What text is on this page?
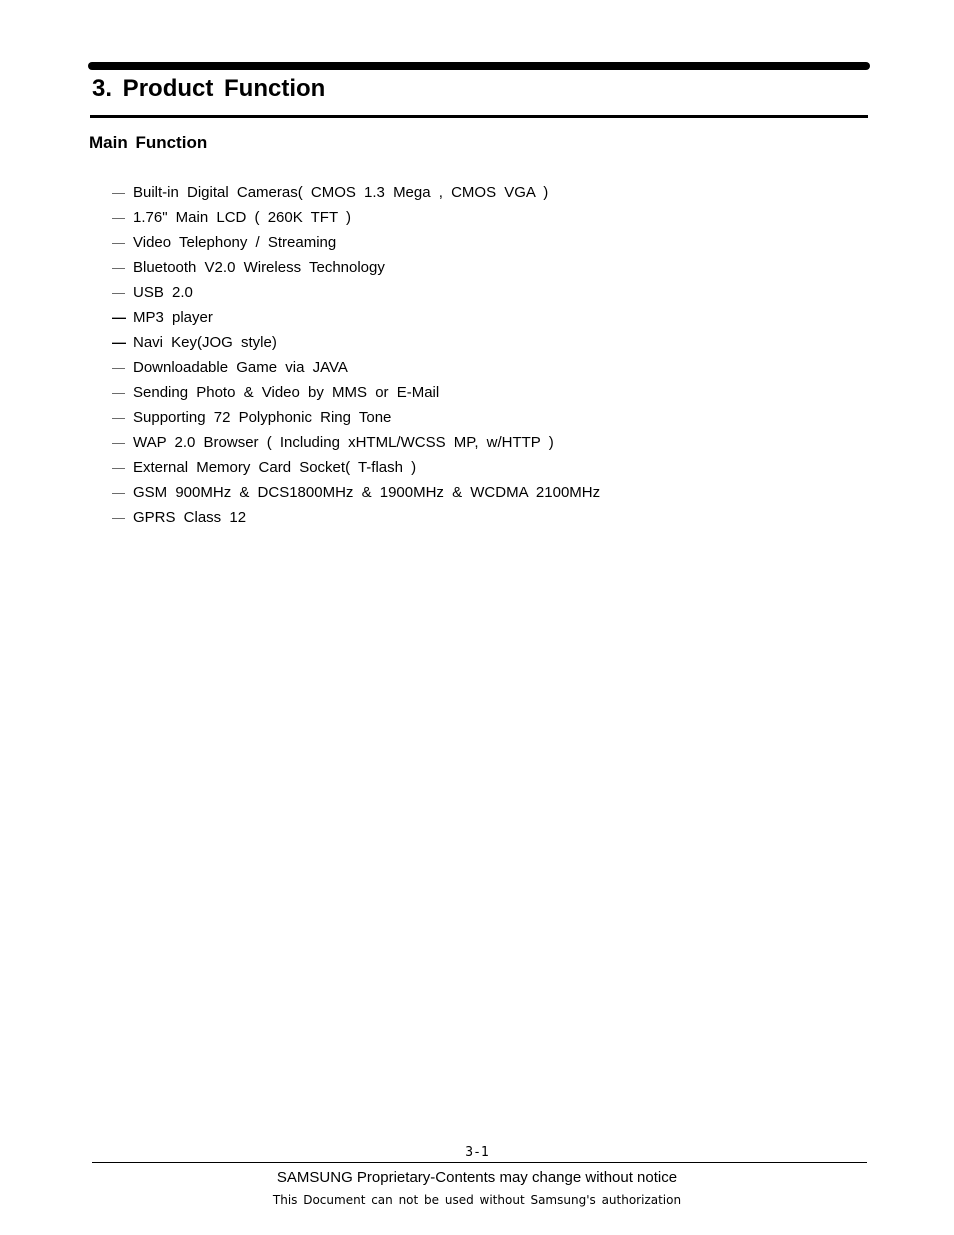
3. Product Function
Main Function
— Built-in Digital Cameras( CMOS 1.3 Mega , CMOS VGA )
— 1.76" Main LCD ( 260K TFT )
— Video Telephony / Streaming
— Bluetooth V2.0 Wireless Technology
— USB 2.0
— MP3 player
— Navi Key(JOG style)
— Downloadable Game via JAVA
— Sending Photo & Video by MMS or E-Mail
— Supporting 72 Polyphonic Ring Tone
— WAP 2.0 Browser ( Including xHTML/WCSS MP, w/HTTP )
— External Memory Card Socket( T-flash )
— GSM 900MHz & DCS1800MHz & 1900MHz & WCDMA 2100MHz
— GPRS Class 12
3-1
SAMSUNG Proprietary-Contents may change without notice
This Document can not be used without Samsung's authorization
